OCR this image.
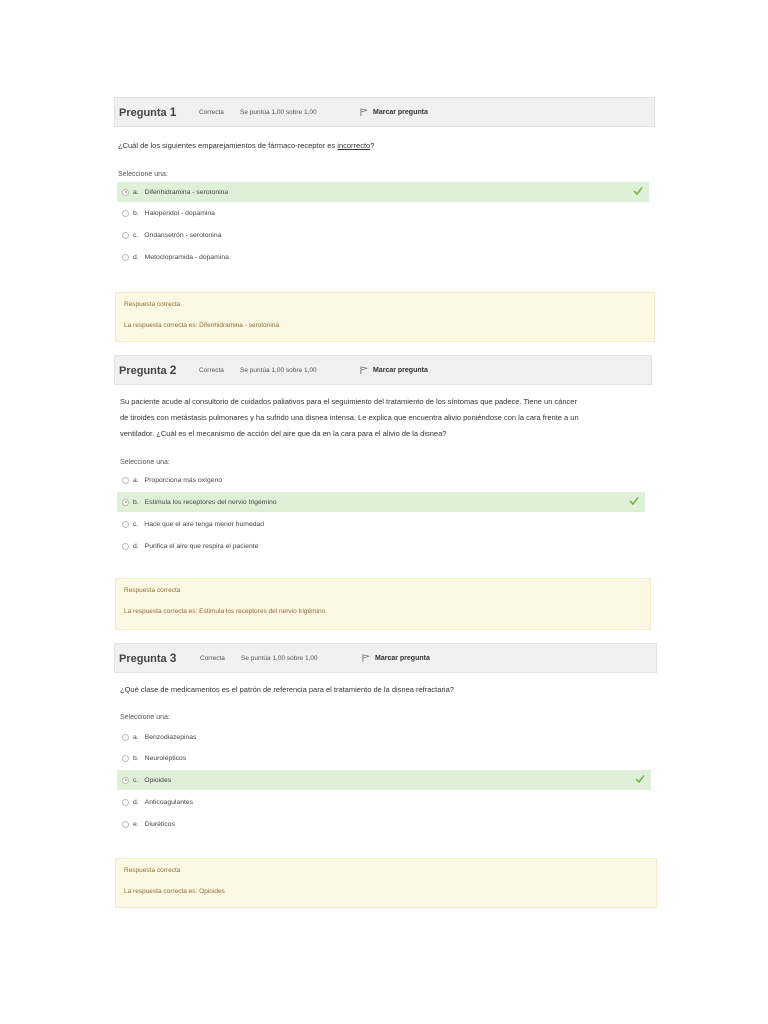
Pregunta 1	Correcta Se puntúa 1,00 sobre 1,00	Marcar pregunta
¿Cuál de los siguientes emparejamientos de fármaco-receptor es incorrecto?
Seleccione una:
a. Difenhidramina - serotonina
b. Haloperidol - dopamina
c. Ondansetrón - serotonina
d. Metoclopramida - dopamina
Respuesta correcta
La respuesta correcta es: Difenhidramina - serotonina
Pregunta 2	Correcta Se puntúa 1,00 sobre 1,00	Marcar pregunta
Su paciente acude al consultorio de cuidados paliativos para el seguimiento del tratamiento de los síntomas que padece. Tiene un cáncer
de tiroides con metástasis pulmonares y ha sufrido una disnea intensa. Le explica que encuentra alivio poniéndose con la cara frente a un
ventilador. ¿Cuál es el mecanismo de acción del aire que da en la cara para el alivio de la disnea?
Seleccione una:
a. Proporciona más oxígeno
b. Estimula los receptores del nervio trigémino
c. Hace que el aire tenga menor humedad
d. Purifica el aire que respira el paciente
Respuesta correcta
La respuesta correcta es: Estimula los receptores del nervio trigémino
Pregunta 3	Correcta Se puntúa 1,00 sobre 1,00	Marcar pregunta
¿Qué clase de medicamentos es el patrón de referencia para el tratamiento de la disnea refractaria?
Seleccione una:
a. Benzodiazepinas
b. Neurolépticos
c. Opioides
d. Anticoagulantes
e. Diuréticos
Respuesta correcta
La respuesta correcta es: Opioides
